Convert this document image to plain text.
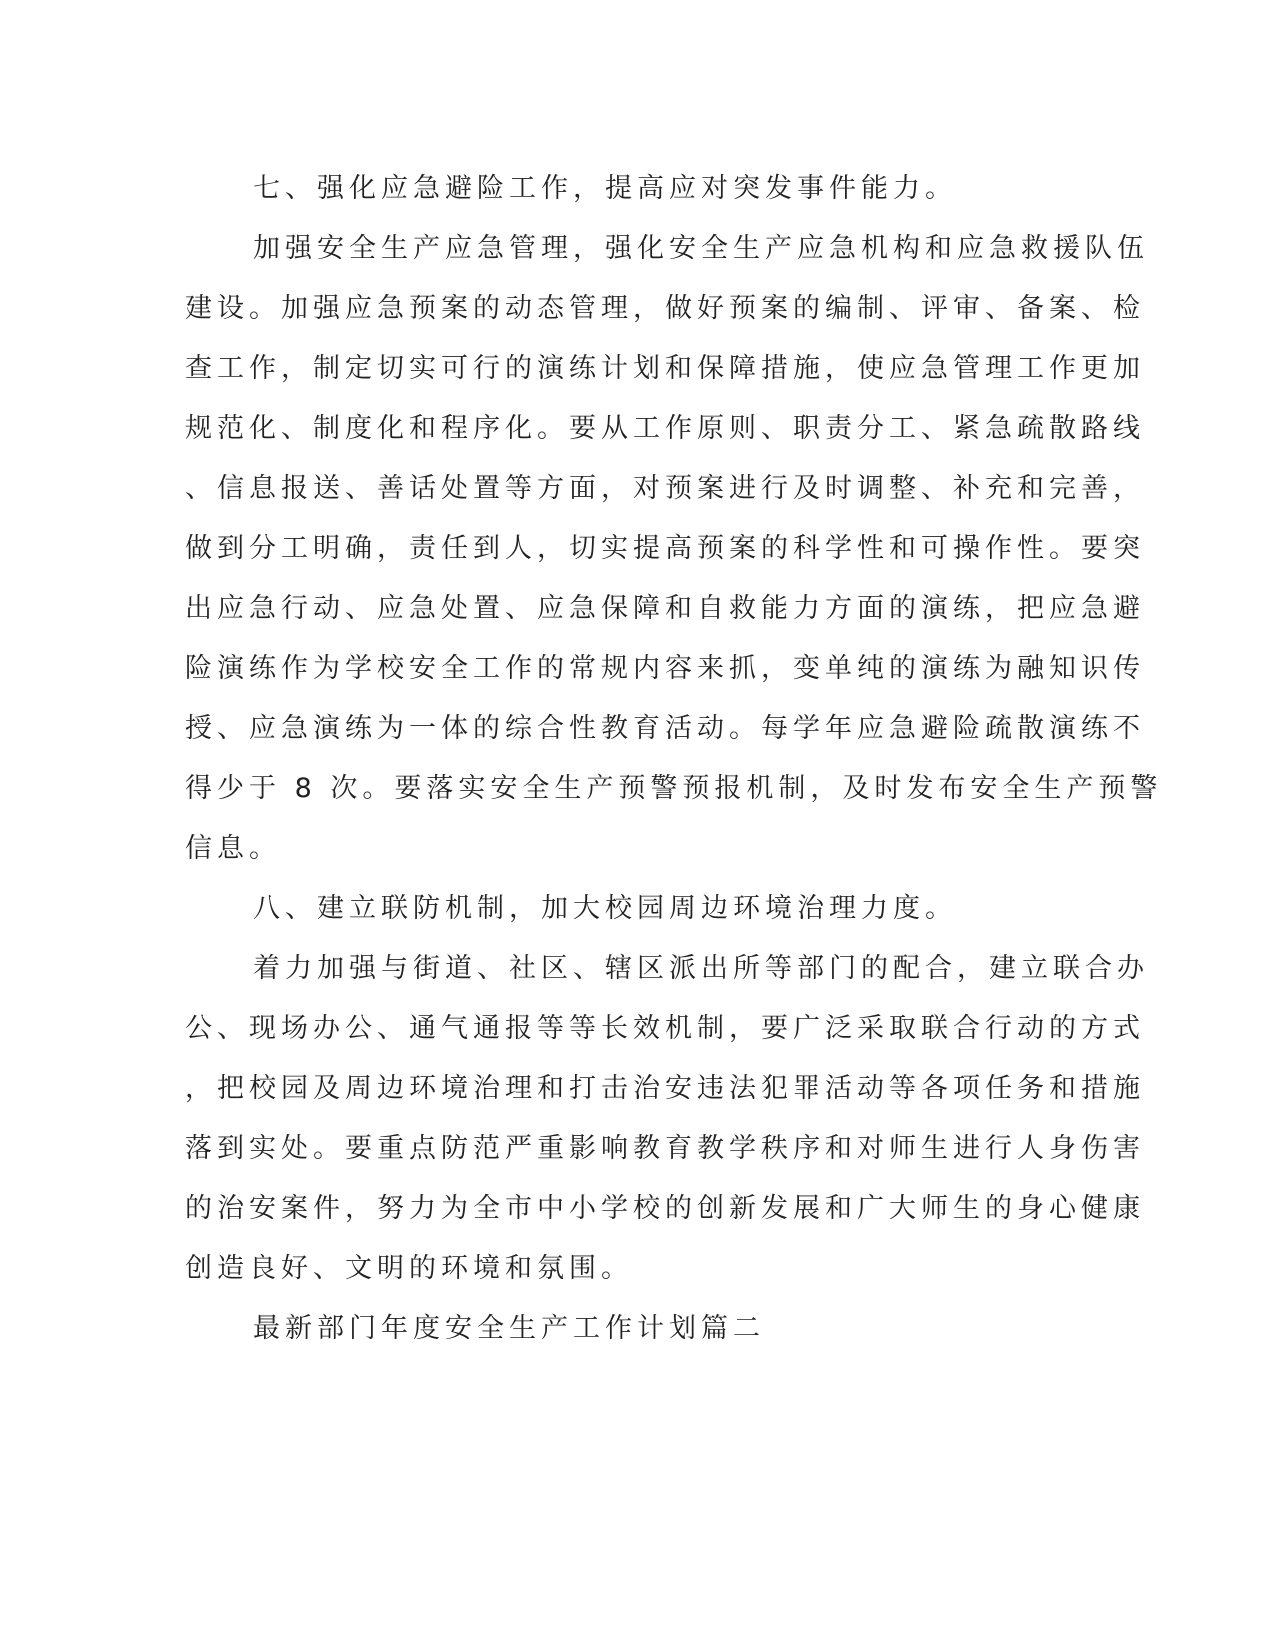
七、强化应急避险工作，提高应对突发事件能力。
加强安全生产应急管理，强化安全生产应急机构和应急救援队伍
建设。加强应急预案的动态管理，做好预案的编制、评审、备案、检
查工作，制定切实可行的演练计划和保障措施，使应急管理工作更加
规范化、制度化和程序化。要从工作原则、职责分工、紧急疏散路线
、信息报送、善话处置等方面，对预案进行及时调整、补充和完善，
做到分工明确，责任到人，切实提高预案的科学性和可操作性。要突
出应急行动、应急处置、应急保障和自救能力方面的演练，把应急避
险演练作为学校安全工作的常规内容来抓，变单纯的演练为融知识传
授、应急演练为一体的综合性教育活动。每学年应急避险疏散演练不
得少于 8 次。要落实安全生产预警预报机制，及时发布安全生产预警
信息。
八、建立联防机制，加大校园周边环境治理力度。
着力加强与街道、社区、辖区派出所等部门的配合，建立联合办
公、现场办公、通气通报等等长效机制，要广泛采取联合行动的方式
，把校园及周边环境治理和打击治安违法犯罪活动等各项任务和措施
落到实处。要重点防范严重影响教育教学秩序和对师生进行人身伤害
的治安案件，努力为全市中小学校的创新发展和广大师生的身心健康
创造良好、文明的环境和氛围。
最新部门年度安全生产工作计划篇二
